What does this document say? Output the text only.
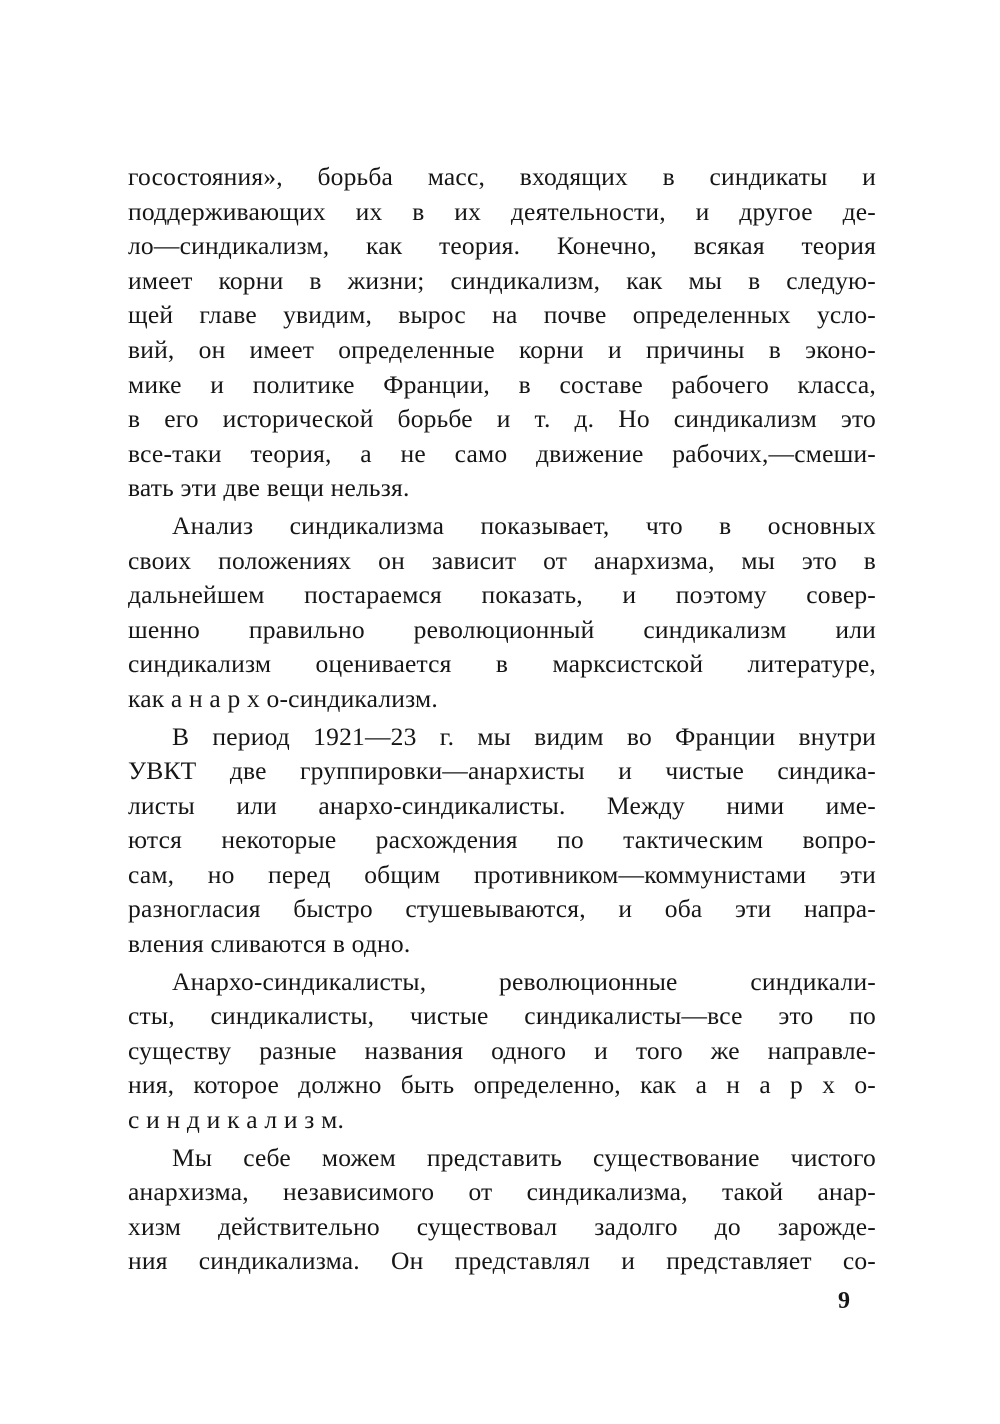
госостояния», борьба масс, входящих в синдикаты и
поддерживающих их в их деятельности, и другое де-
ло—синдикализм, как теория. Конечно, всякая теория
имеет корни в жизни; синдикализм, как мы в следую-
щей главе увидим, вырос на почве определенных усло-
вий, он имеет определенные корни и причины в эконо-
мике и политике Франции, в составе рабочего класса,
в его исторической борьбе и т. д. Но синдикализм это
все-таки теория, а не само движение рабочих,—смеши-
вать эти две вещи нельзя.
Анализ синдикализма показывает, что в основных
своих положениях он зависит от анархизма, мы это в
дальнейшем постараемся показать, и поэтому совер-
шенно правильно революционный синдикализм или
синдикализм оценивается в марксистской литературе,
как а н а р х о-синдикализм.
В период 1921—23 г. мы видим во Франции внутри
УВКТ две группировки—анархисты и чистые синдика-
листы или анархо-синдикалисты. Между ними име-
ются некоторые расхождения по тактическим вопро-
сам, но перед общим противником—коммунистами эти
разногласия быстро стушевываются, и оба эти напра-
вления сливаются в одно.
Анархо-синдикалисты, революционные синдикали-
сты, синдикалисты, чистые синдикалисты—все это по
существу разные названия одного и того же направле-
ния, которое должно быть определенно, как а н а р х о-
с и н д и к а л и з м.
Мы себе можем представить существование чистого
анархизма, независимого от синдикализма, такой анар-
хизм действительно существовал задолго до зарожде-
ния синдикализма. Он представлял и представляет со-
9
